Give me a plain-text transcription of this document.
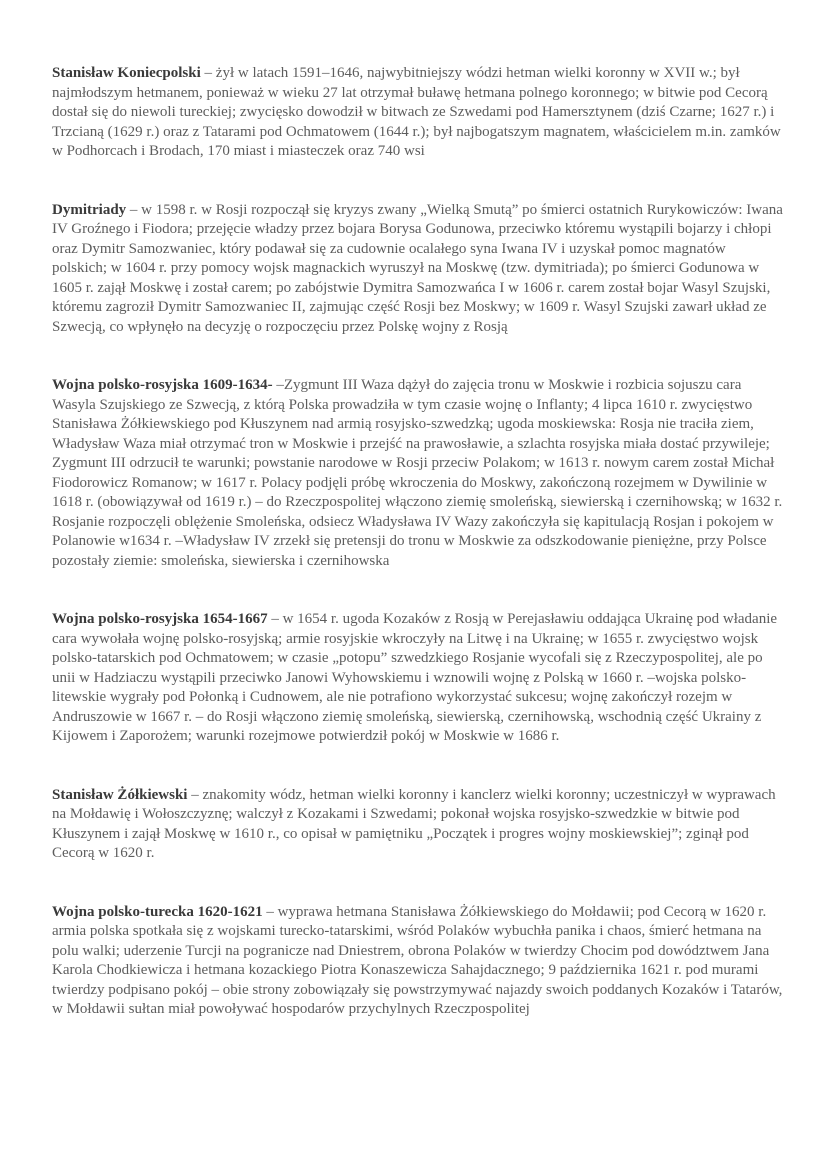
Stanisław Koniecpolski – żył w latach 1591–1646, najwybitniejszy wódzi hetman wielki koronny w XVII w.; był najmłodszym hetmanem, ponieważ w wieku 27 lat otrzymał buławę hetmana polnego koronnego; w bitwie pod Cecorą dostał się do niewoli tureckiej; zwycięsko dowodził w bitwach ze Szwedami pod Hamersztynem (dziś Czarne; 1627 r.) i Trzcianą (1629 r.) oraz z Tatarami pod Ochmatowem (1644 r.); był najbogatszym magnatem, właścicielem m.in. zamków w Podhorcach i Brodach, 170 miast i miasteczek oraz 740 wsi

Dymitriady – w 1598 r. w Rosji rozpoczął się kryzys zwany „Wielką Smutą” po śmierci ostatnich Rurykowiczów: Iwana IV Groźnego i Fiodora; przejęcie władzy przez bojara Borysa Godunowa, przeciwko któremu wystąpili bojarzy i chłopi oraz Dymitr Samozwaniec, który podawał się za cudownie ocalałego syna Iwana IV i uzyskał pomoc magnatów polskich; w 1604 r. przy pomocy wojsk magnackich wyruszył na Moskwę (tzw. dymitriada); po śmierci Godunowa w 1605 r. zajął Moskwę i został carem; po zabójstwie Dymitra Samozwańca I w 1606 r. carem został bojar Wasyl Szujski, któremu zagroził Dymitr Samozwaniec II, zajmując część Rosji bez Moskwy; w 1609 r. Wasyl Szujski zawarł układ ze Szwecją, co wpłynęło na decyzję o rozpoczęciu przez Polskę wojny z Rosją

Wojna polsko-rosyjska 1609-1634- –Zygmunt III Waza dążył do zajęcia tronu w Moskwie i rozbicia sojuszu cara Wasyla Szujskiego ze Szwecją, z którą Polska prowadziła w tym czasie wojnę o Inflanty; 4 lipca 1610 r. zwycięstwo Stanisława Żółkiewskiego pod Kłuszynem nad armią rosyjsko-szwedzką; ugoda moskiewska: Rosja nie traciła ziem, Władysław Waza miał otrzymać tron w Moskwie i przejść na prawosławie, a szlachta rosyjska miała dostać przywileje; Zygmunt III odrzucił te warunki; powstanie narodowe w Rosji przeciw Polakom; w 1613 r. nowym carem został Michał Fiodorowicz Romanow; w 1617 r. Polacy podjęli próbę wkroczenia do Moskwy, zakończoną rozejmem w Dywilinie w 1618 r. (obowiązywał od 1619 r.) – do Rzeczpospolitej włączono ziemię smoleńską, siewierską i czernihowską; w 1632 r. Rosjanie rozpoczęli oblężenie Smoleńska, odsiecz Władysława IV Wazy zakończyła się kapitulacją Rosjan i pokojem w Polanowie w1634 r. –Władysław IV zrzekł się pretensji do tronu w Moskwie za odszkodowanie pieniężne, przy Polsce pozostały ziemie: smoleńska, siewierska i czernihowska

Wojna polsko-rosyjska 1654-1667 – w 1654 r. ugoda Kozaków z Rosją w Perejasławiu oddająca Ukrainę pod władanie cara wywołała wojnę polsko-rosyjską; armie rosyjskie wkroczyły na Litwę i na Ukrainę; w 1655 r. zwycięstwo wojsk polsko-tatarskich pod Ochmatowem; w czasie „potopu” szwedzkiego Rosjanie wycofali się z Rzeczypospolitej, ale po unii w Hadziaczu wystąpili przeciwko Janowi Wyhowskiemu i wznowili wojnę z Polską w 1660 r. –wojska polsko-litewskie wygrały pod Połonką i Cudnowem, ale nie potrafiono wykorzystać sukcesu; wojnę zakończył rozejm w Andruszowie w 1667 r. – do Rosji włączono ziemię smoleńską, siewierską, czernihowską, wschodnią część Ukrainy z Kijowem i Zaporożem; warunki rozejmowe potwierdził pokój w Moskwie w 1686 r.

Stanisław Żółkiewski – znakomity wódz, hetman wielki koronny i kanclerz wielki koronny; uczestniczył w wyprawach na Mołdawię i Wołoszczyznę; walczył z Kozakami i Szwedami; pokonał wojska rosyjsko-szwedzkie w bitwie pod Kłuszynem i zajął Moskwę w 1610 r., co opisał w pamiętniku „Początek i progres wojny moskiewskiej”; zginął pod Cecorą w 1620 r.

Wojna polsko-turecka 1620-1621 – wyprawa hetmana Stanisława Żółkiewskiego do Mołdawii; pod Cecorą w 1620 r. armia polska spotkała się z wojskami turecko-tatarskimi, wśród Polaków wybuchła panika i chaos, śmierć hetmana na polu walki; uderzenie Turcji na pogranicze nad Dniestrem, obrona Polaków w twierdzy Chocim pod dowództwem Jana Karola Chodkiewicza i hetmana kozackiego Piotra Konaszewicza Sahajdacznego; 9 października 1621 r. pod murami twierdzy podpisano pokój – obie strony zobowiązały się powstrzymywać najazdy swoich poddanych Kozaków i Tatarów, w Mołdawii sułtan miał powoływać hospodarów przychylnych Rzeczpospolitej
